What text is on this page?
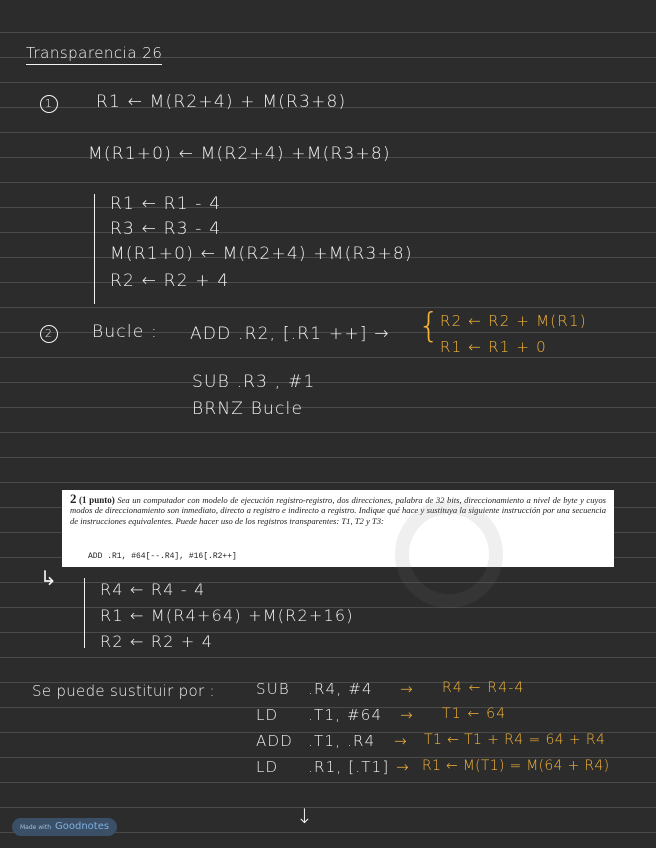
Transparencia 26
1	R1 ← M(R2+4) + M(R3+8)
M(R1+0) ← M(R2+4) +M(R3+8)
R1 ← R1 - 4
R3 ← R3 - 4
M(R1+0) ← M(R2+4) +M(R3+8)
R2 ← R2 + 4
2 Bucle : ADD .R2, [.R1 ++] → { R2 ← R2 + M(R1)
R1 ← R1 + 0
SUB .R3 , #1
BRNZ Bucle
2 (1 punto) Sea un computador con modelo de ejecución registro-registro, dos direcciones, palabra de 32 bits, direccionamiento a nivel de byte y cuyos modos de direccionamiento son inmediato, directo a registro e indirecto a registro. Indique qué hace y sustituya la siguiente instrucción por una secuencia de instrucciones equivalentes. Puede hacer uso de los registros transparentes: T1, T2 y T3:
ADD .R1, #64[--.R4], #16[.R2++]
↳	R4 ← R4 - 4
R1 ← M(R4+64) +M(R2+16)
R2 ← R2 + 4
Se puede sustituir por :	SUB .R4, #4 → R4 ← R4-4
LD .T1, #64 → T1 ← 64
ADD .T1, .R4 → T1 ← T1 + R4 = 64 + R4
LD .R1, [.T1] → R1 ← M(T1) = M(64 + R4)
↓
Made with Goodnotes
